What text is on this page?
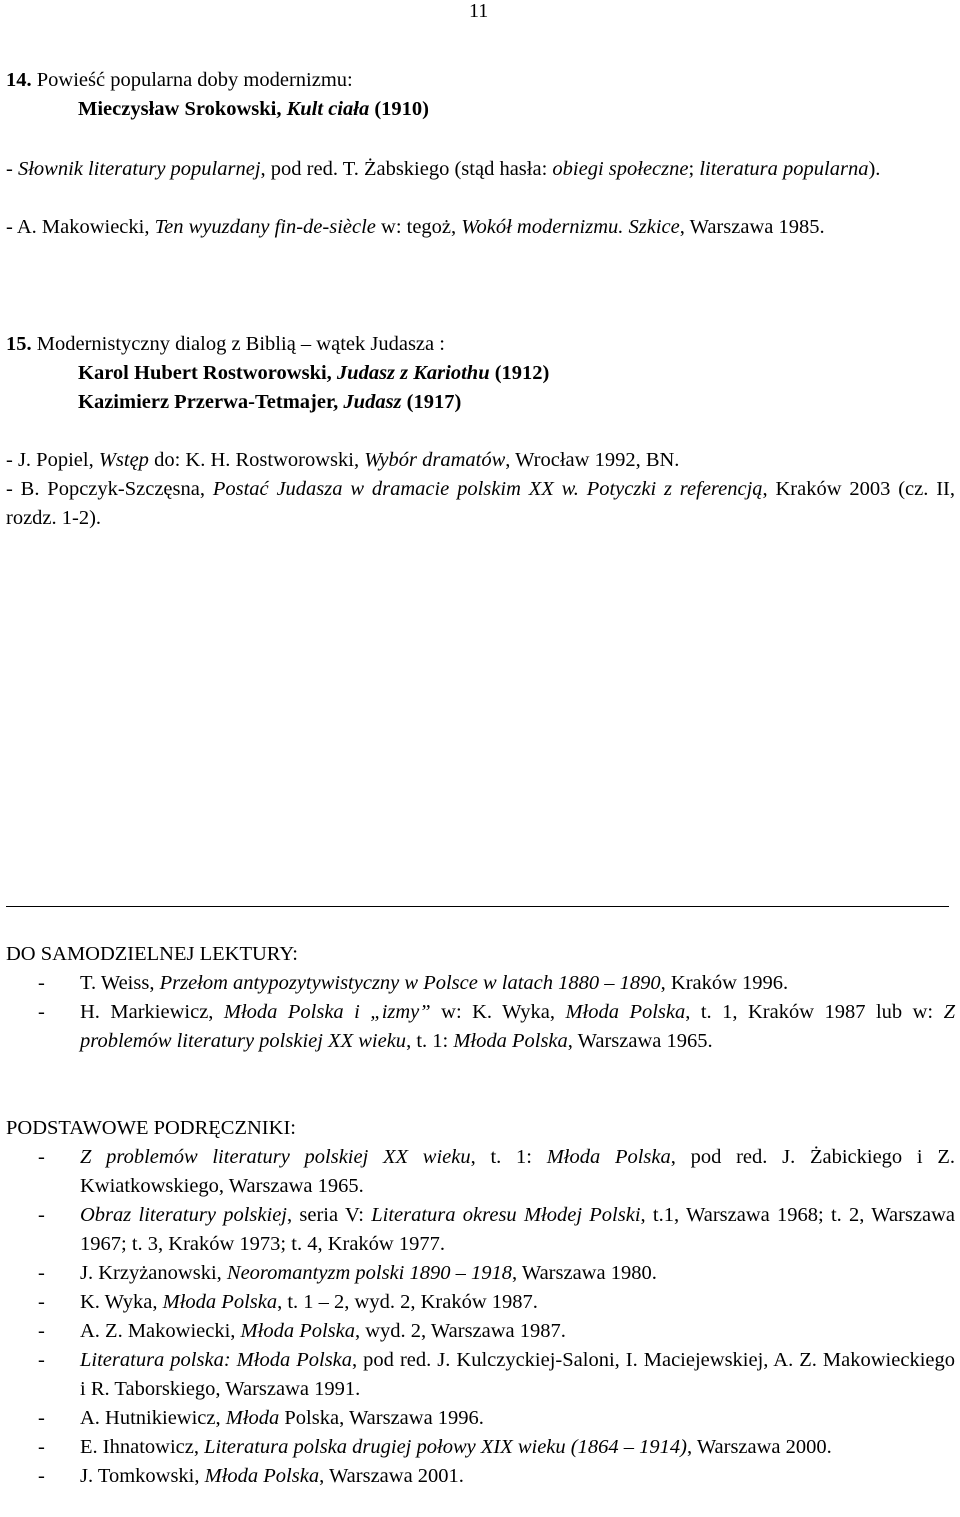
11
14. Powieść popularna doby modernizmu:
Mieczysław Srokowski, Kult ciała (1910)
- Słownik literatury popularnej, pod red. T. Żabskiego (stąd hasła: obiegi społeczne; literatura popularna).
- A. Makowiecki, Ten wyuzdany fin-de-siècle w: tegoż, Wokół modernizmu. Szkice, Warszawa 1985.
15. Modernistyczny dialog z Biblią – wątek Judasza :
Karol Hubert Rostworowski, Judasz z Kariothu (1912)
Kazimierz Przerwa-Tetmajer, Judasz (1917)
- J. Popiel, Wstęp do: K. H. Rostworowski, Wybór dramatów, Wrocław 1992, BN.
- B. Popczyk-Szczęsna, Postać Judasza w dramacie polskim XX w. Potyczki z referencją, Kraków 2003 (cz. II, rozdz. 1-2).
DO SAMODZIELNEJ LEKTURY:
- T. Weiss, Przełom antypozytywistyczny w Polsce w latach 1880 – 1890, Kraków 1996.
- H. Markiewicz, Młoda Polska i „izmy” w: K. Wyka, Młoda Polska, t. 1, Kraków 1987 lub w: Z problemów literatury polskiej XX wieku, t. 1: Młoda Polska, Warszawa 1965.
PODSTAWOWE PODRĘCZNIKI:
- Z problemów literatury polskiej XX wieku, t. 1: Młoda Polska, pod red. J. Żabickiego i Z. Kwiatkowskiego, Warszawa 1965.
- Obraz literatury polskiej, seria V: Literatura okresu Młodej Polski, t.1, Warszawa 1968; t. 2, Warszawa 1967; t. 3, Kraków 1973; t. 4, Kraków 1977.
- J. Krzyżanowski, Neoromantyzm polski 1890 – 1918, Warszawa 1980.
- K. Wyka, Młoda Polska, t. 1 – 2, wyd. 2, Kraków 1987.
- A. Z. Makowiecki, Młoda Polska, wyd. 2, Warszawa 1987.
- Literatura polska: Młoda Polska, pod red. J. Kulczyckiej-Saloni, I. Maciejewskiej, A. Z. Makowieckiego i R. Taborskiego, Warszawa 1991.
- A. Hutnikiewicz, Młoda Polska, Warszawa 1996.
- E. Ihnatowicz, Literatura polska drugiej połowy XIX wieku (1864 – 1914), Warszawa 2000.
- J. Tomkowski, Młoda Polska, Warszawa 2001.
